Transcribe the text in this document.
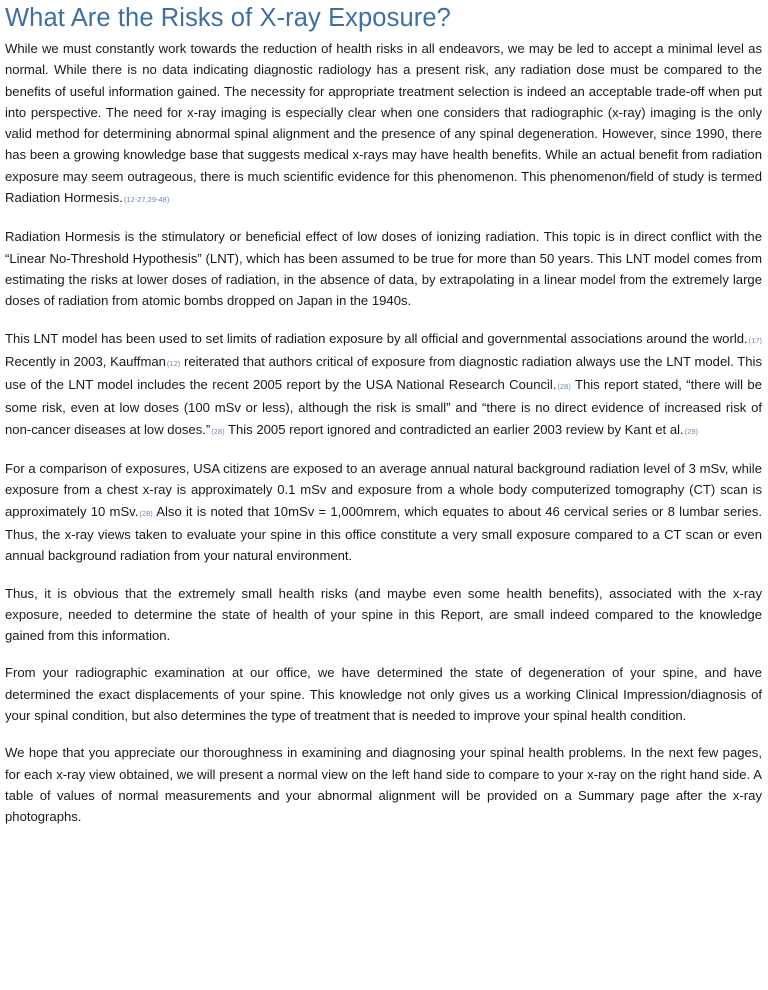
What Are the Risks of X-ray Exposure?

While we must constantly work towards the reduction of health risks in all endeavors, we may be led to accept a minimal level as normal. While there is no data indicating diagnostic radiology has a present risk, any radiation dose must be compared to the benefits of useful information gained. The necessity for appropriate treatment selection is indeed an acceptable trade-off when put into perspective. The need for x-ray imaging is especially clear when one considers that radiographic (x-ray) imaging is the only valid method for determining abnormal spinal alignment and the presence of any spinal degeneration. However, since 1990, there has been a growing knowledge base that suggests medical x-rays may have health benefits. While an actual benefit from radiation exposure may seem outrageous, there is much scientific evidence for this phenomenon. This phenomenon/field of study is termed Radiation Hormesis.(12-27,29-48)

Radiation Hormesis is the stimulatory or beneficial effect of low doses of ionizing radiation. This topic is in direct conflict with the “Linear No-Threshold Hypothesis” (LNT), which has been assumed to be true for more than 50 years. This LNT model comes from estimating the risks at lower doses of radiation, in the absence of data, by extrapolating in a linear model from the extremely large doses of radiation from atomic bombs dropped on Japan in the 1940s.

This LNT model has been used to set limits of radiation exposure by all official and governmental associations around the world.(17) Recently in 2003, Kauffman(12) reiterated that authors critical of exposure from diagnostic radiation always use the LNT model. This use of the LNT model includes the recent 2005 report by the USA National Research Council.(28) This report stated, “there will be some risk, even at low doses (100 mSv or less), although the risk is small” and “there is no direct evidence of increased risk of non-cancer diseases at low doses.”(28) This 2005 report ignored and contradicted an earlier 2003 review by Kant et al.(29)

For a comparison of exposures, USA citizens are exposed to an average annual natural background radiation level of 3 mSv, while exposure from a chest x-ray is approximately 0.1 mSv and exposure from a whole body computerized tomography (CT) scan is approximately 10 mSv.(28) Also it is noted that 10mSv = 1,000mrem, which equates to about 46 cervical series or 8 lumbar series. Thus, the x-ray views taken to evaluate your spine in this office constitute a very small exposure compared to a CT scan or even annual background radiation from your natural environment.

Thus, it is obvious that the extremely small health risks (and maybe even some health benefits), associated with the x-ray exposure, needed to determine the state of health of your spine in this Report, are small indeed compared to the knowledge gained from this information.

From your radiographic examination at our office, we have determined the state of degeneration of your spine, and have determined the exact displacements of your spine. This knowledge not only gives us a working Clinical Impression/diagnosis of your spinal condition, but also determines the type of treatment that is needed to improve your spinal health condition.

We hope that you appreciate our thoroughness in examining and diagnosing your spinal health problems. In the next few pages, for each x-ray view obtained, we will present a normal view on the left hand side to compare to your x-ray on the right hand side. A table of values of normal measurements and your abnormal alignment will be provided on a Summary page after the x-ray photographs.
